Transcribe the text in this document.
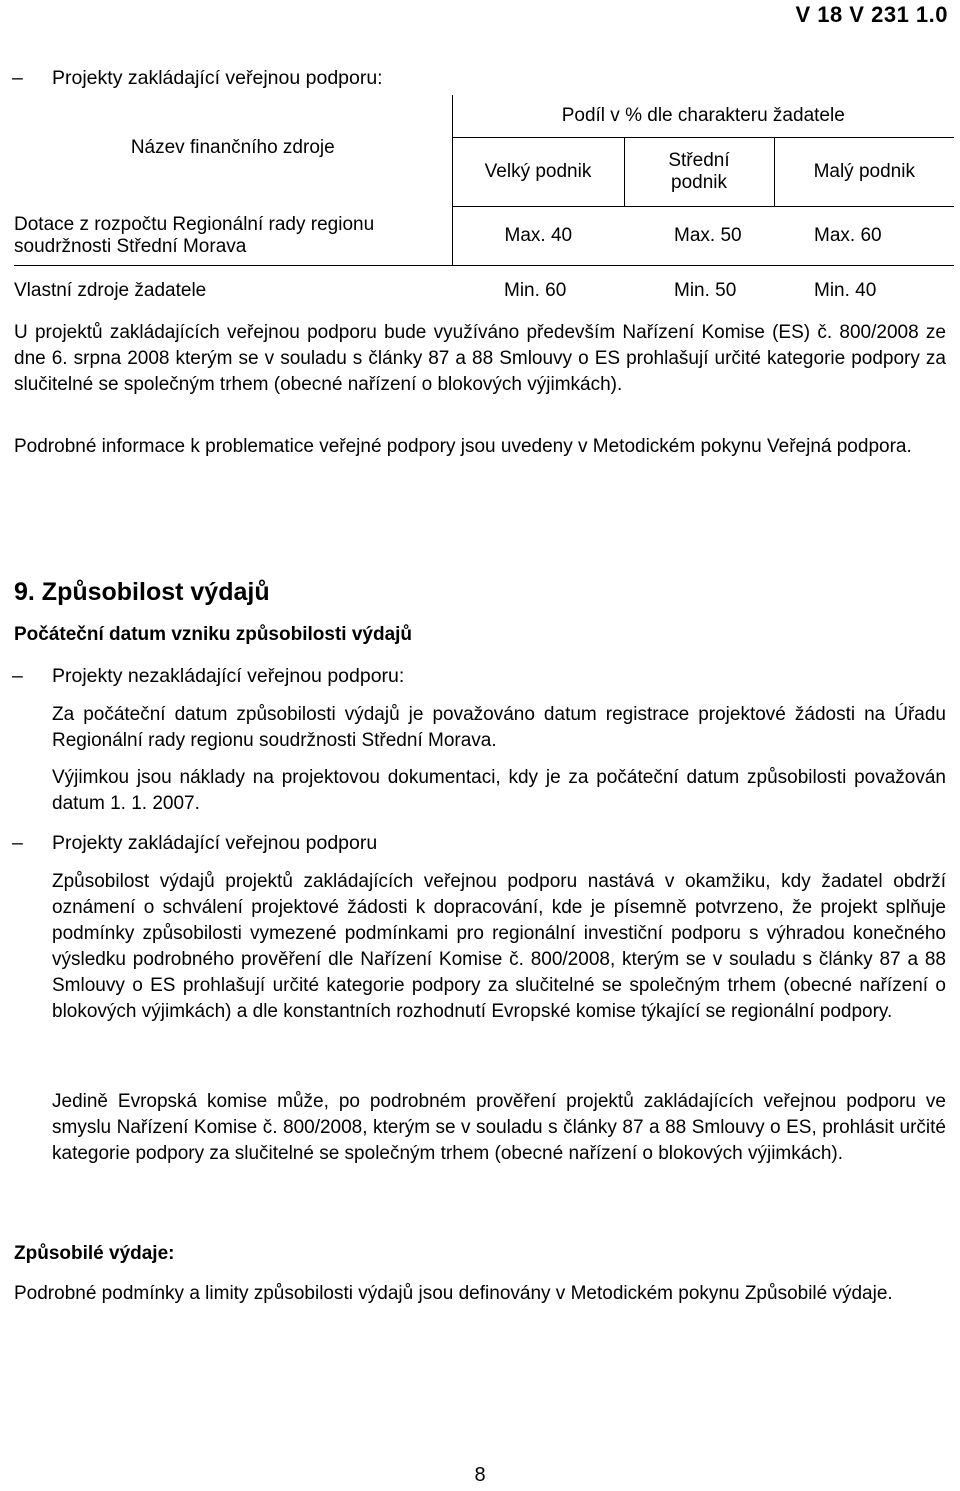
V 18 V 231 1.0
– Projekty zakládající veřejnou podporu:
Název finančního zdroje	Podíl v % dle charakteru žadatele		
	Velký podnik	Střední podnik	Malý podnik
Dotace z rozpočtu Regionální rady regionu soudržnosti Střední Morava	Max. 40	Max. 50	Max. 60
Vlastní zdroje žadatele	Min. 60	Min. 50	Min. 40

U projektů zakládajících veřejnou podporu bude využíváno především Nařízení Komise (ES) č. 800/2008 ze dne 6. srpna 2008 kterým se v souladu s články 87 a 88 Smlouvy o ES prohlašují určité kategorie podpory za slučitelné se společným trhem (obecné nařízení o blokových výjimkách).

Podrobné informace k problematice veřejné podpory jsou uvedeny v Metodickém pokynu Veřejná podpora.

9. Způsobilost výdajů
Počáteční datum vzniku způsobilosti výdajů
– Projekty nezakládající veřejnou podporu:

Za počáteční datum způsobilosti výdajů je považováno datum registrace projektové žádosti na Úřadu Regionální rady regionu soudržnosti Střední Morava.

Výjimkou jsou náklady na projektovou dokumentaci, kdy je za počáteční datum způsobilosti považován datum 1. 1. 2007.

– Projekty zakládající veřejnou podporu

Způsobilost výdajů projektů zakládajících veřejnou podporu nastává v okamžiku, kdy žadatel obdrží oznámení o schválení projektové žádosti k dopracování, kde je písemně potvrzeno, že projekt splňuje podmínky způsobilosti vymezené podmínkami pro regionální investiční podporu s výhradou konečného výsledku podrobného prověření dle Nařízení Komise č. 800/2008, kterým se v souladu s články 87 a 88 Smlouvy o ES prohlašují určité kategorie podpory za slučitelné se společným trhem (obecné nařízení o blokových výjimkách) a dle konstantních rozhodnutí Evropské komise týkající se regionální podpory.

Jedině Evropská komise může, po podrobném prověření projektů zakládajících veřejnou podporu ve smyslu Nařízení Komise č. 800/2008, kterým se v souladu s články 87 a 88 Smlouvy o ES, prohlásit určité kategorie podpory za slučitelné se společným trhem (obecné nařízení o blokových výjimkách).

Způsobilé výdaje:

Podrobné podmínky a limity způsobilosti výdajů jsou definovány v Metodickém pokynu Způsobilé výdaje.

8
